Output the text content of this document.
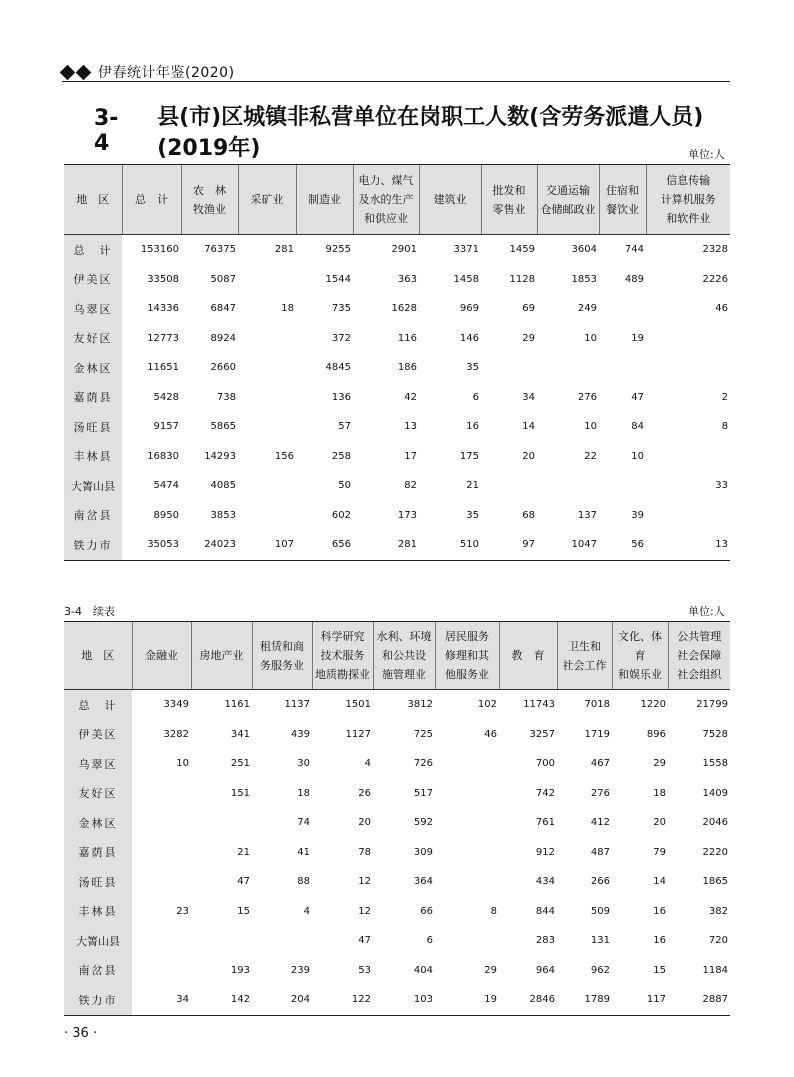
伊春统计年鉴(2020)
3-4
县(市)区城镇非私营单位在岗职工人数(含劳务派遣人员)(2019年)	单位:人
地　区	总　计	农　林
牧渔业	采矿业	制造业	电力、煤气
及水的生产
和供应业	建筑业	批发和
零售业	交通运输
仓储邮政业	住宿和
餐饮业	信息传输
计算机服务
和软件业
总　计	153160	76375	281	9255	2901	3371	1459	3604	744	2328
伊美区	33508	5087		1544	363	1458	1128	1853	489	2226
乌翠区	14336	6847	18	735	1628	969	69	249		46
友好区	12773	8924		372	116	146	29	10	19	
金林区	11651	2660		4845	186	35				
嘉荫县	5428	738		136	42	6	34	276	47	2
汤旺县	9157	5865		57	13	16	14	10	84	8
丰林县	16830	14293	156	258	17	175	20	22	10	
大箐山县	5474	4085		50	82	21				33
南岔县	8950	3853		602	173	35	68	137	39	
铁力市	35053	24023	107	656	281	510	97	1047	56	13
3-4　续表	单位:人
地　区	金融业	房地产业	租赁和商
务服务业	科学研究
技术服务
地质勘探业	水利、环境
和公共设
施管理业	居民服务
修理和其
他服务业	教　育	卫生和
社会工作	文化、体育
和娱乐业	公共管理
社会保障
社会组织
总　计	3349	1161	1137	1501	3812	102	11743	7018	1220	21799
伊美区	3282	341	439	1127	725	46	3257	1719	896	7528
乌翠区	10	251	30	4	726		700	467	29	1558
友好区		151	18	26	517		742	276	18	1409
金林区			74	20	592		761	412	20	2046
嘉荫县		21	41	78	309		912	487	79	2220
汤旺县		47	88	12	364		434	266	14	1865
丰林县	23	15	4	12	66	8	844	509	16	382
大箐山县				47	6		283	131	16	720
南岔县		193	239	53	404	29	964	962	15	1184
铁力市	34	142	204	122	103	19	2846	1789	117	2887
· 36 ·
